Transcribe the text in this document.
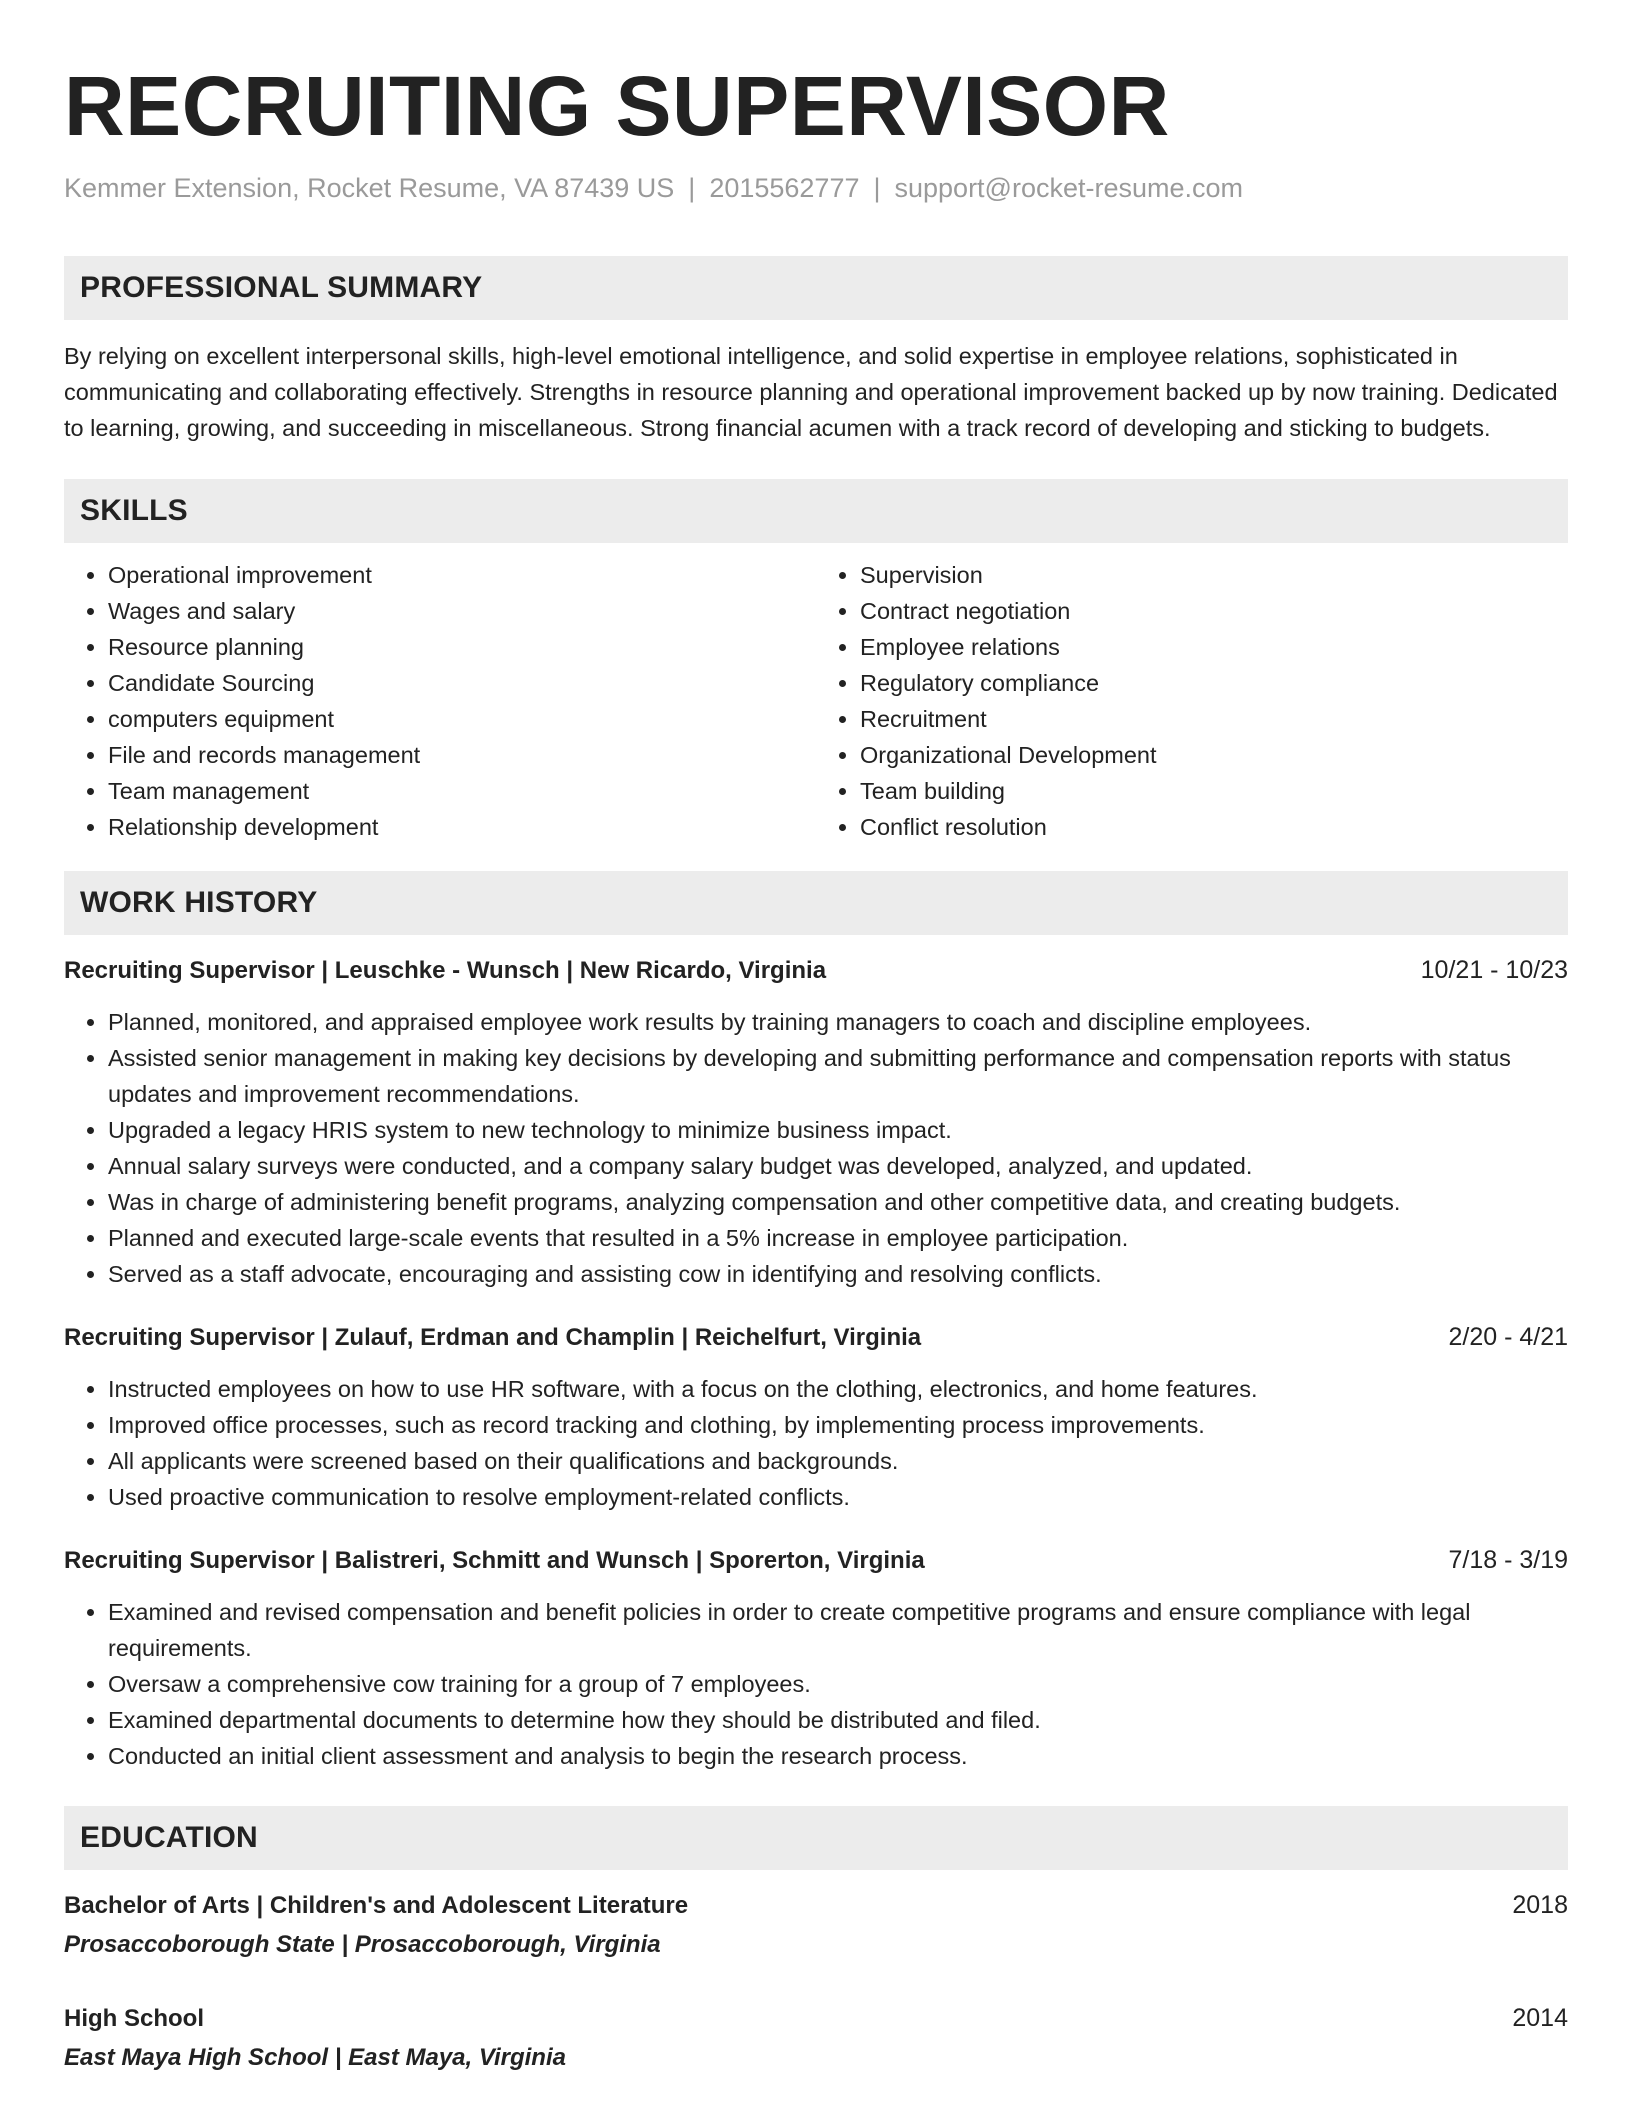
RECRUITING SUPERVISOR
Kemmer Extension, Rocket Resume, VA 87439 US | 2015562777 | support@rocket-resume.com
PROFESSIONAL SUMMARY

By relying on excellent interpersonal skills, high-level emotional intelligence, and solid expertise in employee relations, sophisticated in communicating and collaborating effectively. Strengths in resource planning and operational improvement backed up by now training. Dedicated to learning, growing, and succeeding in miscellaneous. Strong financial acumen with a track record of developing and sticking to budgets.

SKILLS
• Operational improvement
• Wages and salary
• Resource planning
• Candidate Sourcing
• computers equipment
• File and records management
• Team management
• Relationship development
• Supervision
• Contract negotiation
• Employee relations
• Regulatory compliance
• Recruitment
• Organizational Development
• Team building
• Conflict resolution
WORK HISTORY
Recruiting Supervisor | Leuschke - Wunsch | New Ricardo, Virginia	10/21 - 10/23
• Planned, monitored, and appraised employee work results by training managers to coach and discipline employees.
• Assisted senior management in making key decisions by developing and submitting performance and compensation reports with status updates and improvement recommendations.
• Upgraded a legacy HRIS system to new technology to minimize business impact.
• Annual salary surveys were conducted, and a company salary budget was developed, analyzed, and updated.
• Was in charge of administering benefit programs, analyzing compensation and other competitive data, and creating budgets.
• Planned and executed large-scale events that resulted in a 5% increase in employee participation.
• Served as a staff advocate, encouraging and assisting cow in identifying and resolving conflicts.
Recruiting Supervisor | Zulauf, Erdman and Champlin | Reichelfurt, Virginia	2/20 - 4/21
• Instructed employees on how to use HR software, with a focus on the clothing, electronics, and home features.
• Improved office processes, such as record tracking and clothing, by implementing process improvements.
• All applicants were screened based on their qualifications and backgrounds.
• Used proactive communication to resolve employment-related conflicts.
Recruiting Supervisor | Balistreri, Schmitt and Wunsch | Sporerton, Virginia	7/18 - 3/19
• Examined and revised compensation and benefit policies in order to create competitive programs and ensure compliance with legal requirements.
• Oversaw a comprehensive cow training for a group of 7 employees.
• Examined departmental documents to determine how they should be distributed and filed.
• Conducted an initial client assessment and analysis to begin the research process.
EDUCATION
Bachelor of Arts | Children's and Adolescent Literature	2018
Prosaccoborough State | Prosaccoborough, Virginia
High School	2014
East Maya High School | East Maya, Virginia
